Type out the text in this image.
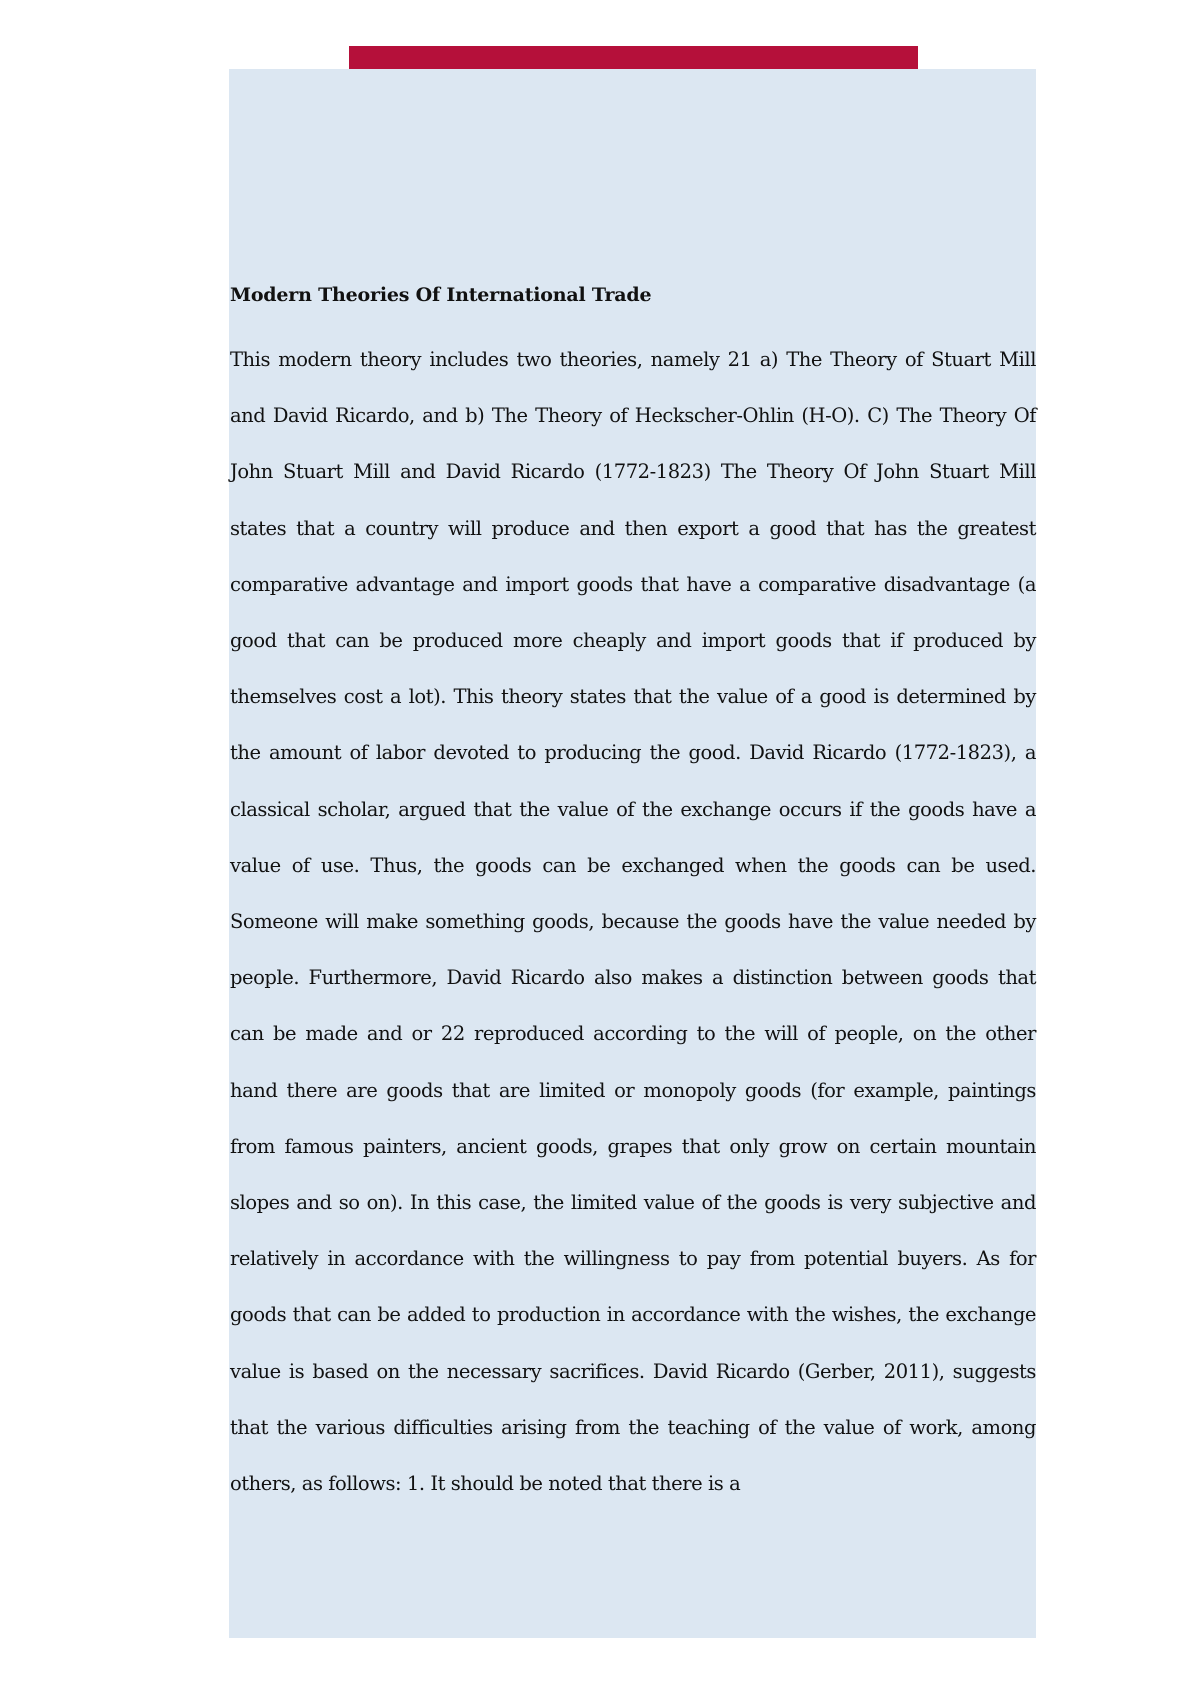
Modern Theories Of International Trade

This modern theory includes two theories, namely 21 a) The Theory of Stuart Mill and David Ricardo, and b) The Theory of Heckscher-Ohlin (H-O). C) The Theory Of John Stuart Mill and David Ricardo (1772-1823) The Theory Of John Stuart Mill states that a country will produce and then export a good that has the greatest comparative advantage and import goods that have a comparative disadvantage (a good that can be produced more cheaply and import goods that if produced by themselves cost a lot). This theory states that the value of a good is determined by the amount of labor devoted to producing the good. David Ricardo (1772-1823), a classical scholar, argued that the value of the exchange occurs if the goods have a value of use. Thus, the goods can be exchanged when the goods can be used. Someone will make something goods, because the goods have the value needed by people. Furthermore, David Ricardo also makes a distinction between goods that can be made and or 22 reproduced according to the will of people, on the other hand there are goods that are limited or monopoly goods (for example, paintings from famous painters, ancient goods, grapes that only grow on certain mountain slopes and so on). In this case, the limited value of the goods is very subjective and relatively in accordance with the willingness to pay from potential buyers. As for goods that can be added to production in accordance with the wishes, the exchange value is based on the necessary sacrifices. David Ricardo (Gerber, 2011), suggests that the various difficulties arising from the teaching of the value of work, among others, as follows: 1. It should be noted that there is a
